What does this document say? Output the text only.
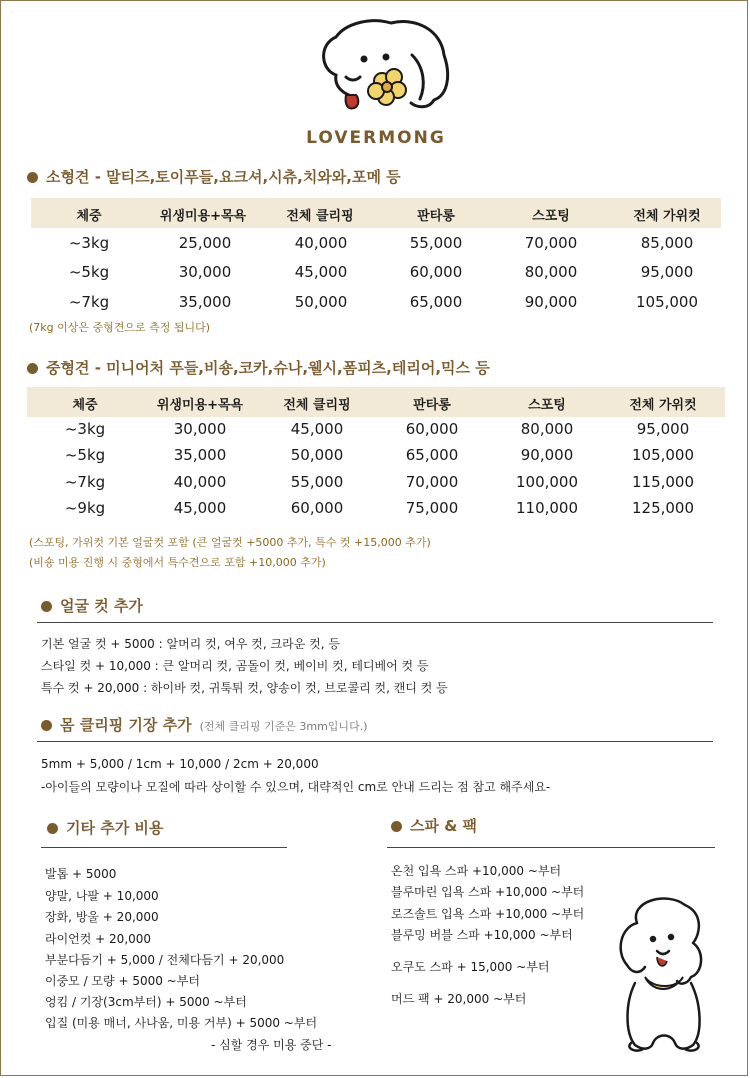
LOVERMONG
소형견 - 말티즈,토이푸들,요크셔,시츄,치와와,포메 등
체중	위생미용+목욕	전체 클리핑	판타롱	스포팅	전체 가위컷
~3kg	25,000	40,000	55,000	70,000	85,000
~5kg	30,000	45,000	60,000	80,000	95,000
~7kg	35,000	50,000	65,000	90,000	105,000
(7kg 이상은 중형견으로 측정 됩니다)
중형견 - 미니어처 푸들,비숑,코카,슈나,웰시,폼피츠,테리어,믹스 등
체중	위생미용+목욕	전체 클리핑	판타롱	스포팅	전체 가위컷
~3kg	30,000	45,000	60,000	80,000	95,000
~5kg	35,000	50,000	65,000	90,000	105,000
~7kg	40,000	55,000	70,000	100,000	115,000
~9kg	45,000	60,000	75,000	110,000	125,000
(스포팅, 가위컷 기본 얼굴컷 포함 (큰 얼굴컷 +5000 추가, 특수 컷 +15,000 추가)
(비숑 미용 진행 시 중형에서 특수견으로 포함 +10,000 추가)
얼굴 컷 추가
기본 얼굴 컷 + 5000 : 알머리 컷, 여우 컷, 크라운 컷, 등
스타일 컷 + 10,000 : 큰 알머리 컷, 곰돌이 컷, 베이비 컷, 테디베어 컷 등
특수 컷 + 20,000 : 하이바 컷, 귀툭튀 컷, 양송이 컷, 브로콜리 컷, 캔디 컷 등
몸 클리핑 기장 추가 (전체 클리핑 기준은 3mm입니다.)
5mm + 5,000 / 1cm + 10,000 / 2cm + 20,000
-아이들의 모량이나 모질에 따라 상이할 수 있으며, 대략적인 cm로 안내 드리는 점 참고 해주세요-
기타 추가 비용
발톱 + 5000
양말, 나팔 + 10,000
장화, 방울 + 20,000
라이언컷 + 20,000
부분다듬기 + 5,000 / 전체다듬기 + 20,000
이중모 / 모량 + 5000 ~부터
엉킴 / 기장(3cm부터) + 5000 ~부터
입질 (미용 매너, 사나움, 미용 거부) + 5000 ~부터
- 심할 경우 미용 중단 -
스파 & 팩
온천 입욕 스파 +10,000 ~부터
블루마린 입욕 스파 +10,000 ~부터
로즈솔트 입욕 스파 +10,000 ~부터
블루밍 버블 스파 +10,000 ~부터
오쿠도 스파 + 15,000 ~부터
머드 팩 + 20,000 ~부터
